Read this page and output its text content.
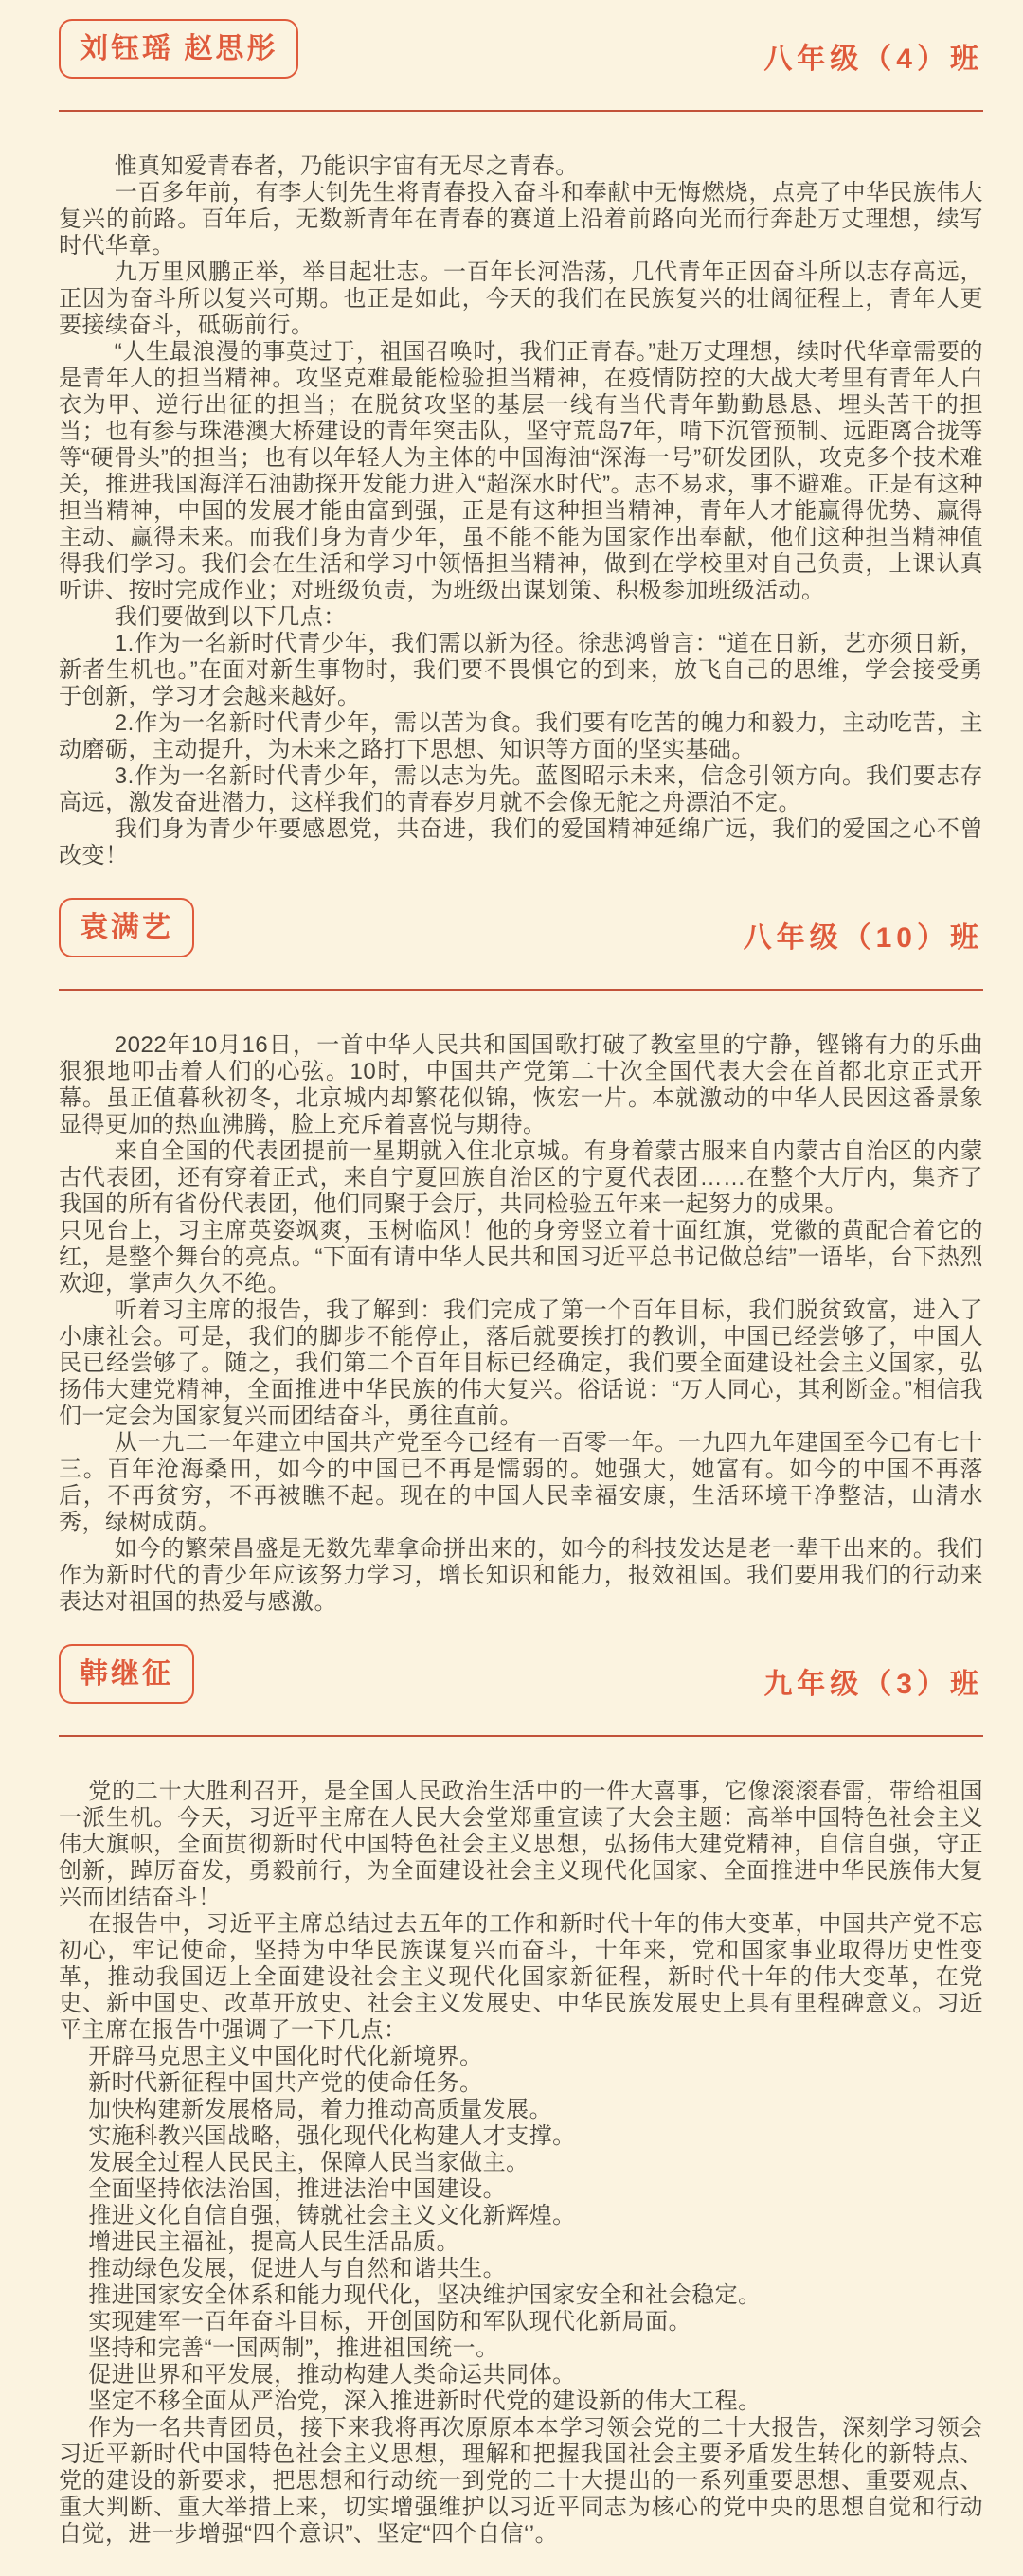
刘钰瑶 赵思彤	八年级（4）班

惟真知爱青春者，乃能识宇宙有无尽之青春。

一百多年前，有李大钊先生将青春投入奋斗和奉献中无悔燃烧，点亮了中华民族伟大复兴的前路。百年后，无数新青年在青春的赛道上沿着前路向光而行奔赴万丈理想，续写时代华章。

九万里风鹏正举，举目起壮志。一百年长河浩荡，几代青年正因奋斗所以志存高远，正因为奋斗所以复兴可期。也正是如此，今天的我们在民族复兴的壮阔征程上，青年人更要接续奋斗，砥砺前行。

“人生最浪漫的事莫过于，祖国召唤时，我们正青春。”赴万丈理想，续时代华章需要的是青年人的担当精神。攻坚克难最能检验担当精神，在疫情防控的大战大考里有青年人白衣为甲、逆行出征的担当；在脱贫攻坚的基层一线有当代青年勤勤恳恳、埋头苦干的担当；也有参与珠港澳大桥建设的青年突击队，坚守荒岛7年，啃下沉管预制、远距离合拢等等“硬骨头”的担当；也有以年轻人为主体的中国海油“深海一号”研发团队，攻克多个技术难关，推进我国海洋石油勘探开发能力进入“超深水时代”。志不易求，事不避难。正是有这种担当精神，中国的发展才能由富到强，正是有这种担当精神，青年人才能赢得优势、赢得主动、赢得未来。而我们身为青少年，虽不能不能为国家作出奉献，他们这种担当精神值得我们学习。我们会在生活和学习中领悟担当精神，做到在学校里对自己负责，上课认真听讲、按时完成作业；对班级负责，为班级出谋划策、积极参加班级活动。

我们要做到以下几点：

1.作为一名新时代青少年，我们需以新为径。徐悲鸿曾言：“道在日新，艺亦须日新，新者生机也。”在面对新生事物时，我们要不畏惧它的到来，放飞自己的思维，学会接受勇于创新，学习才会越来越好。

2.作为一名新时代青少年，需以苦为食。我们要有吃苦的魄力和毅力，主动吃苦，主动磨砺，主动提升，为未来之路打下思想、知识等方面的坚实基础。

3.作为一名新时代青少年，需以志为先。蓝图昭示未来，信念引领方向。我们要志存高远，激发奋进潜力，这样我们的青春岁月就不会像无舵之舟漂泊不定。

我们身为青少年要感恩党，共奋进，我们的爱国精神延绵广远，我们的爱国之心不曾改变！

袁满艺	八年级（10）班

2022年10月16日，一首中华人民共和国国歌打破了教室里的宁静，铿锵有力的乐曲狠狠地叩击着人们的心弦。10时，中国共产党第二十次全国代表大会在首都北京正式开幕。虽正值暮秋初冬，北京城内却繁花似锦，恢宏一片。本就激动的中华人民因这番景象显得更加的热血沸腾，脸上充斥着喜悦与期待。

来自全国的代表团提前一星期就入住北京城。有身着蒙古服来自内蒙古自治区的内蒙古代表团，还有穿着正式，来自宁夏回族自治区的宁夏代表团……在整个大厅内，集齐了我国的所有省份代表团，他们同聚于会厅，共同检验五年来一起努力的成果。

只见台上，习主席英姿飒爽，玉树临风！他的身旁竖立着十面红旗，党徽的黄配合着它的红，是整个舞台的亮点。“下面有请中华人民共和国习近平总书记做总结”一语毕，台下热烈欢迎，掌声久久不绝。

听着习主席的报告，我了解到：我们完成了第一个百年目标，我们脱贫致富，进入了小康社会。可是，我们的脚步不能停止，落后就要挨打的教训，中国已经尝够了，中国人民已经尝够了。随之，我们第二个百年目标已经确定，我们要全面建设社会主义国家，弘扬伟大建党精神，全面推进中华民族的伟大复兴。俗话说：“万人同心，其利断金。”相信我们一定会为国家复兴而团结奋斗，勇往直前。

从一九二一年建立中国共产党至今已经有一百零一年。一九四九年建国至今已有七十三。百年沧海桑田，如今的中国已不再是懦弱的。她强大，她富有。如今的中国不再落后，不再贫穷，不再被瞧不起。现在的中国人民幸福安康，生活环境干净整洁，山清水秀，绿树成荫。

如今的繁荣昌盛是无数先辈拿命拼出来的，如今的科技发达是老一辈干出来的。我们作为新时代的青少年应该努力学习，增长知识和能力，报效祖国。我们要用我们的行动来表达对祖国的热爱与感激。

韩继征	九年级（3）班

党的二十大胜利召开，是全国人民政治生活中的一件大喜事，它像滚滚春雷，带给祖国一派生机。今天，习近平主席在人民大会堂郑重宣读了大会主题：高举中国特色社会主义伟大旗帜，全面贯彻新时代中国特色社会主义思想，弘扬伟大建党精神，自信自强，守正创新，踔厉奋发，勇毅前行，为全面建设社会主义现代化国家、全面推进中华民族伟大复兴而团结奋斗！

在报告中，习近平主席总结过去五年的工作和新时代十年的伟大变革，中国共产党不忘初心，牢记使命，坚持为中华民族谋复兴而奋斗，十年来，党和国家事业取得历史性变革，推动我国迈上全面建设社会主义现代化国家新征程，新时代十年的伟大变革，在党史、新中国史、改革开放史、社会主义发展史、中华民族发展史上具有里程碑意义。习近平主席在报告中强调了一下几点：

开辟马克思主义中国化时代化新境界。

新时代新征程中国共产党的使命任务。

加快构建新发展格局，着力推动高质量发展。

实施科教兴国战略，强化现代化构建人才支撑。

发展全过程人民民主，保障人民当家做主。

全面坚持依法治国，推进法治中国建设。

推进文化自信自强，铸就社会主义文化新辉煌。

增进民主福祉，提高人民生活品质。

推动绿色发展，促进人与自然和谐共生。

推进国家安全体系和能力现代化，坚决维护国家安全和社会稳定。

实现建军一百年奋斗目标，开创国防和军队现代化新局面。

坚持和完善“一国两制”，推进祖国统一。

促进世界和平发展，推动构建人类命运共同体。

坚定不移全面从严治党，深入推进新时代党的建设新的伟大工程。

作为一名共青团员，接下来我将再次原原本本学习领会党的二十大报告，深刻学习领会习近平新时代中国特色社会主义思想，理解和把握我国社会主要矛盾发生转化的新特点、党的建设的新要求，把思想和行动统一到党的二十大提出的一系列重要思想、重要观点、重大判断、重大举措上来，切实增强维护以习近平同志为核心的党中央的思想自觉和行动自觉，进一步增强“四个意识”、坚定“四个自信‘’。
